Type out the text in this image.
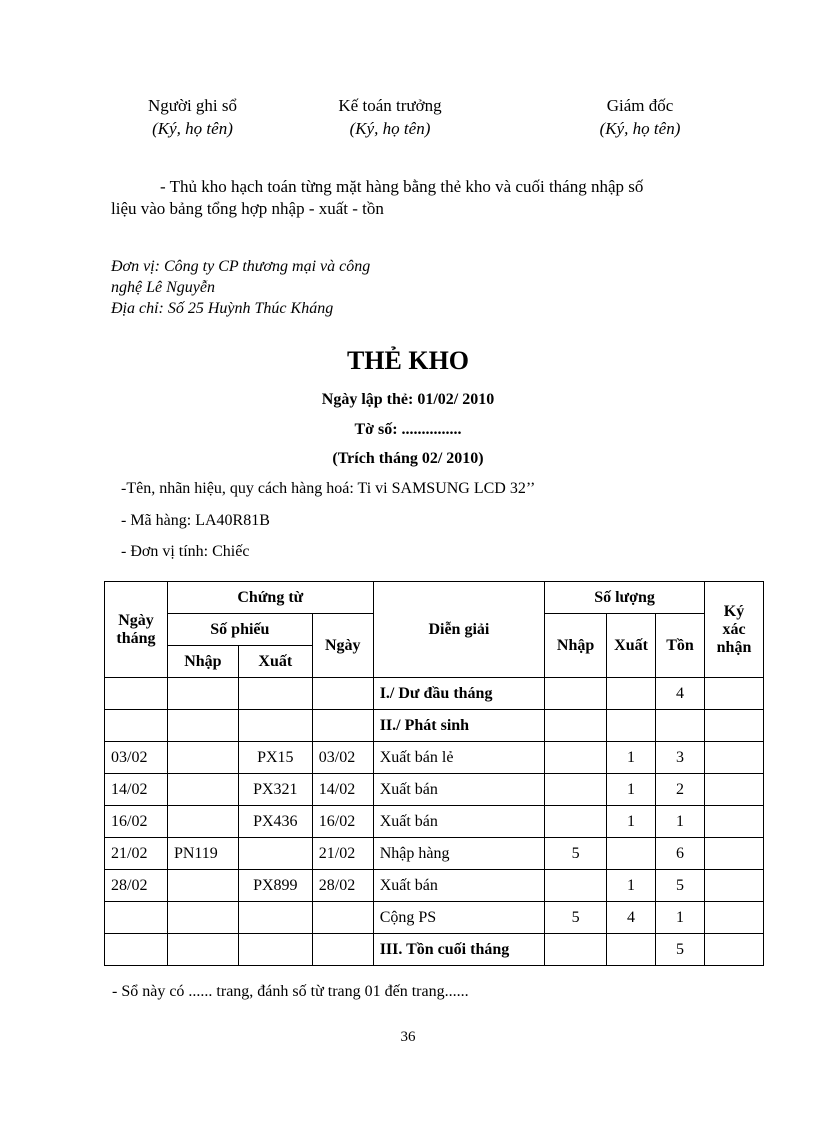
Người ghi sổ
(Ký, họ tên)
Kế toán trưởng
(Ký, họ tên)
Giám đốc
(Ký, họ tên)
- Thủ kho hạch toán từng mặt hàng bằng thẻ kho và cuối tháng nhập số
liệu vào bảng tổng hợp nhập - xuất - tồn
Đơn vị: Công ty CP thương mại và công
nghệ Lê Nguyễn
Địa chỉ: Số 25 Huỳnh Thúc Kháng
THẺ KHO
Ngày lập thẻ: 01/02/ 2010
Tờ số: ...............
(Trích tháng 02/ 2010)
-Tên, nhãn hiệu, quy cách hàng hoá: Ti vi SAMSUNG LCD 32’’
- Mã hàng: LA40R81B
- Đơn vị tính: Chiếc
Ngày tháng	Chứng từ			Diễn giải	Số lượng			Ký xác nhận
	Số phiếu		Ngày		Nhập	Xuất	Tồn	
	Nhập	Xuất						
				I./ Dư đầu tháng			4	
				II./ Phát sinh				
03/02		PX15	03/02	Xuất bán lẻ		1	3	
14/02		PX321	14/02	Xuất bán		1	2	
16/02		PX436	16/02	Xuất bán		1	1	
21/02	PN119		21/02	Nhập hàng	5		6	
28/02		PX899	28/02	Xuất bán		1	5	
				Cộng PS	5	4	1	
				III. Tồn cuối tháng			5	
- Sổ này có ...... trang, đánh số từ trang 01 đến trang......
36
